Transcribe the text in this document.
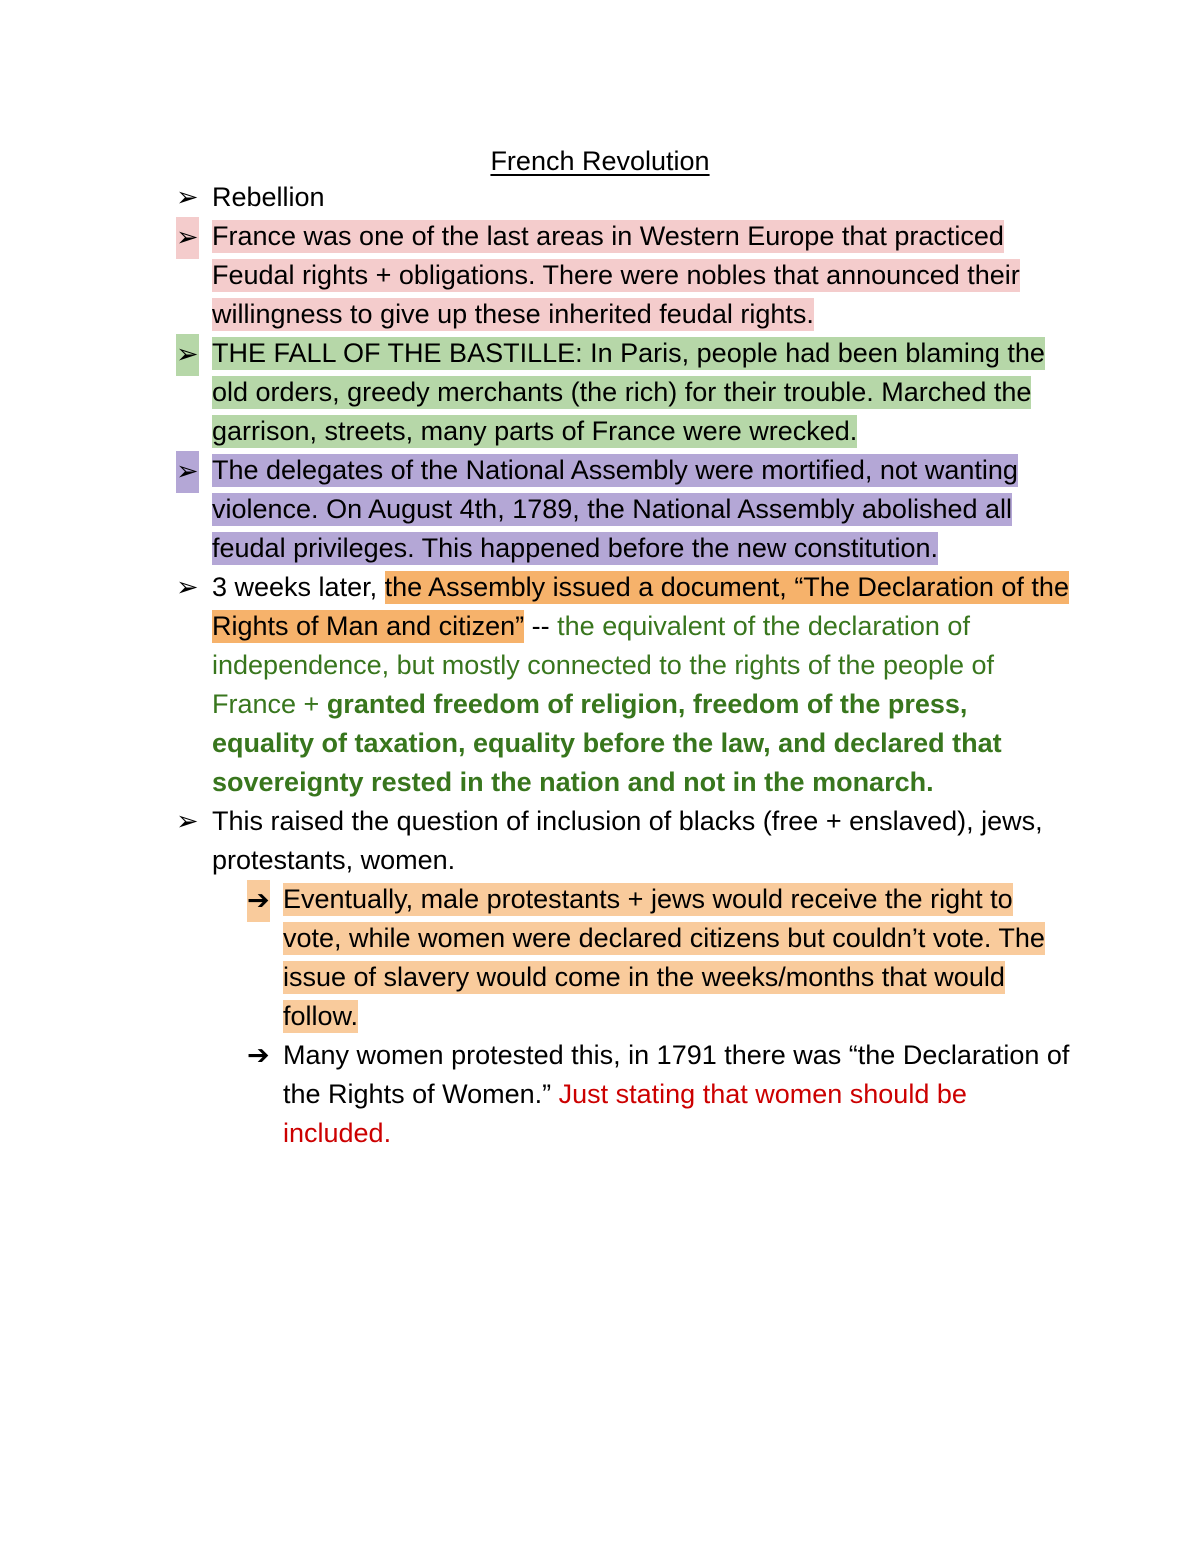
French Revolution
➢ Rebellion
➢ France was one of the last areas in Western Europe that practiced Feudal rights + obligations. There were nobles that announced their willingness to give up these inherited feudal rights.
➢ THE FALL OF THE BASTILLE: In Paris, people had been blaming the old orders, greedy merchants (the rich) for their trouble. Marched the garrison, streets, many parts of France were wrecked.
➢ The delegates of the National Assembly were mortified, not wanting violence. On August 4th, 1789, the National Assembly abolished all feudal privileges. This happened before the new constitution.
➢ 3 weeks later, the Assembly issued a document, “The Declaration of the Rights of Man and citizen” -- the equivalent of the declaration of independence, but mostly connected to the rights of the people of France + granted freedom of religion, freedom of the press, equality of taxation, equality before the law, and declared that sovereignty rested in the nation and not in the monarch.
➢ This raised the question of inclusion of blacks (free + enslaved), jews, protestants, women.
➔ Eventually, male protestants + jews would receive the right to vote, while women were declared citizens but couldn’t vote. The issue of slavery would come in the weeks/months that would follow.
➔ Many women protested this, in 1791 there was “the Declaration of the Rights of Women.” Just stating that women should be included.
